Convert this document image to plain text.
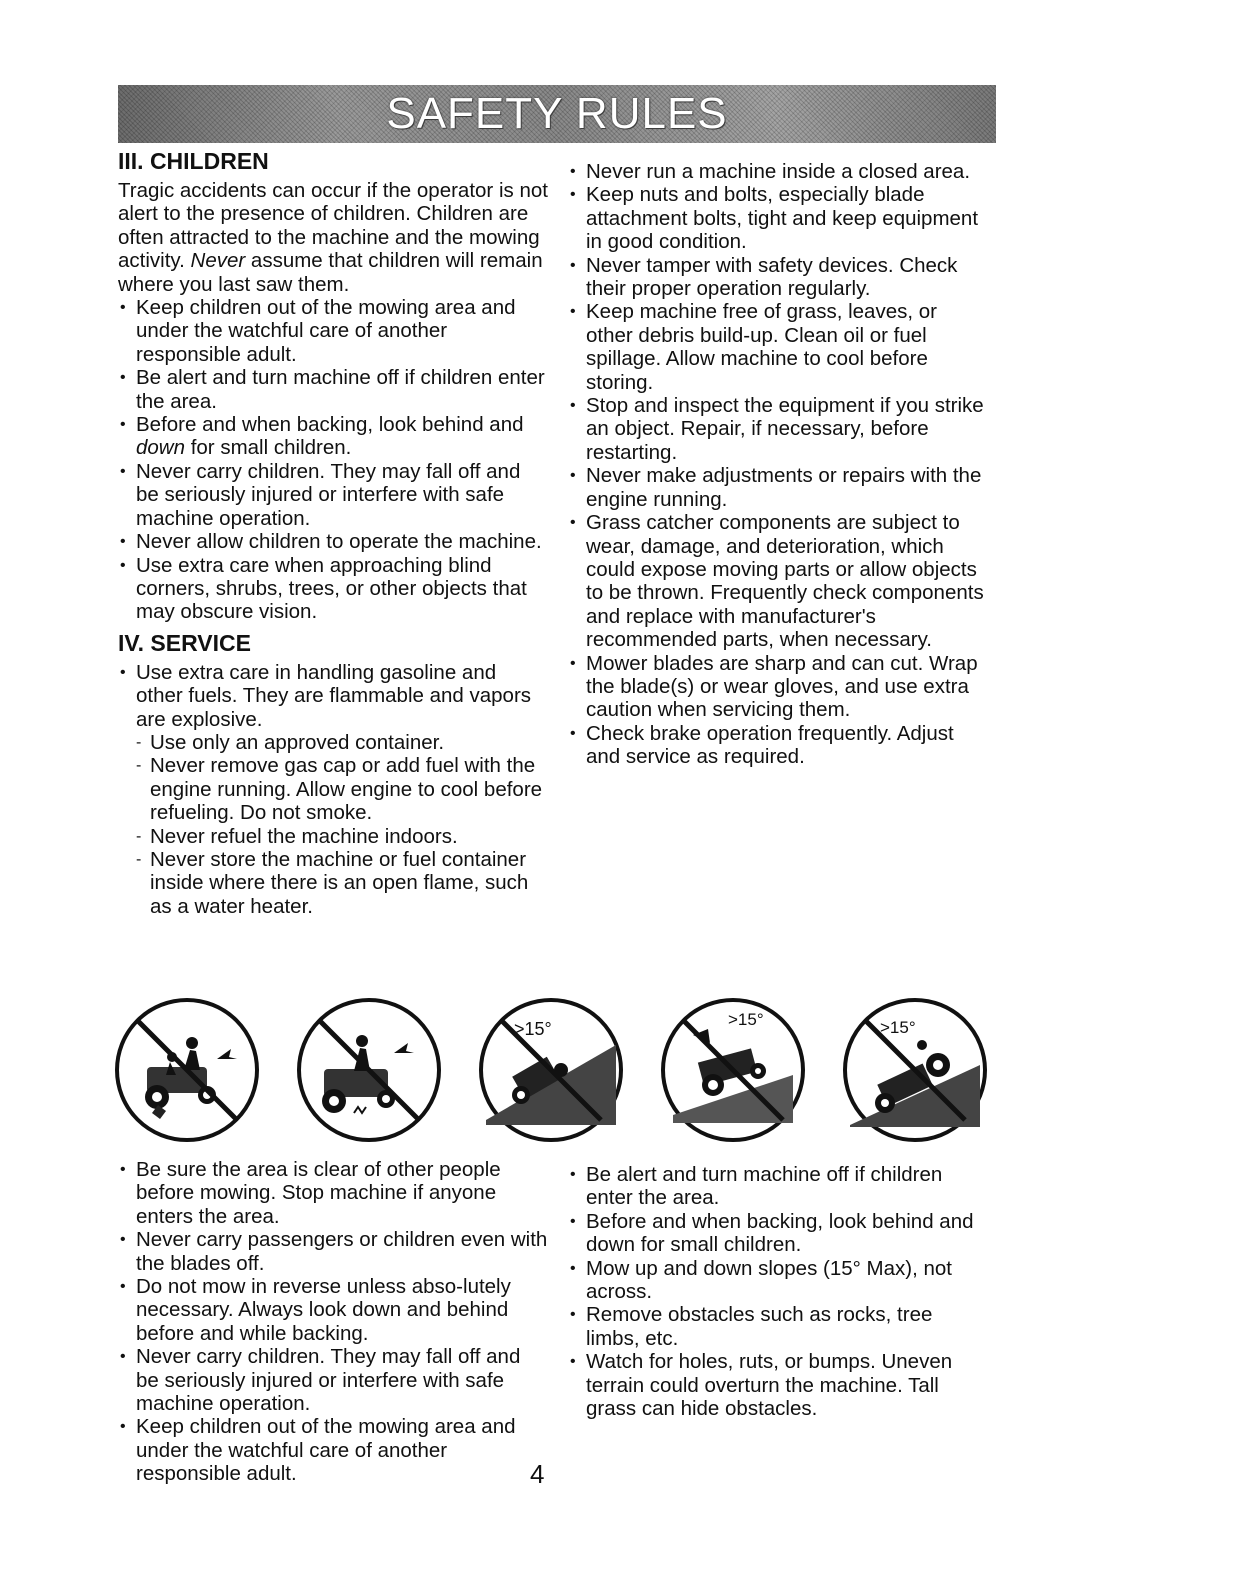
SAFETY RULES
III. CHILDREN

Tragic accidents can occur if the operator is not alert to the presence of children. Children are often attracted to the machine and the mowing activity. Never assume that children will remain where you last saw them.

• Keep children out of the mowing area and under the watchful care of another responsible adult.
• Be alert and turn machine off if children enter the area.
• Before and when backing, look behind and down for small children.
• Never carry children. They may fall off and be seriously injured or interfere with safe machine operation.
• Never allow children to operate the machine.
• Use extra care when approaching blind corners, shrubs, trees, or other objects that may obscure vision.
IV. SERVICE
• Use extra care in handling gasoline and other fuels. They are flammable and vapors are explosive.
- Use only an approved container.
- Never remove gas cap or add fuel with the engine running. Allow engine to cool before refueling. Do not smoke.
- Never refuel the machine indoors.
- Never store the machine or fuel container inside where there is an open flame, such as a water heater.
• Never run a machine inside a closed area.
• Keep nuts and bolts, especially blade attachment bolts, tight and keep equipment in good condition.
• Never tamper with safety devices. Check their proper operation regularly.
• Keep machine free of grass, leaves, or other debris build-up. Clean oil or fuel spillage. Allow machine to cool before storing.
• Stop and inspect the equipment if you strike an object. Repair, if necessary, before restarting.
• Never make adjustments or repairs with the engine running.
• Grass catcher components are subject to wear, damage, and deterioration, which could expose moving parts or allow objects to be thrown. Frequently check components and replace with manufacturer's recommended parts, when necessary.
• Mower blades are sharp and can cut. Wrap the blade(s) or wear gloves, and use extra caution when servicing them.
• Check brake operation frequently. Adjust and service as required.
>15°	>15°	>15°
• Be sure the area is clear of other people before mowing. Stop machine if anyone enters the area.
• Never carry passengers or children even with the blades off.
• Do not mow in reverse unless abso-lutely necessary. Always look down and behind before and while backing.
• Never carry children. They may fall off and be seriously injured or interfere with safe machine operation.
• Keep children out of the mowing area and under the watchful care of another responsible adult.
• Be alert and turn machine off if children enter the area.
• Before and when backing, look behind and down for small children.
• Mow up and down slopes (15° Max), not across.
• Remove obstacles such as rocks, tree limbs, etc.
• Watch for holes, ruts, or bumps. Uneven terrain could overturn the machine. Tall grass can hide obstacles.
4
